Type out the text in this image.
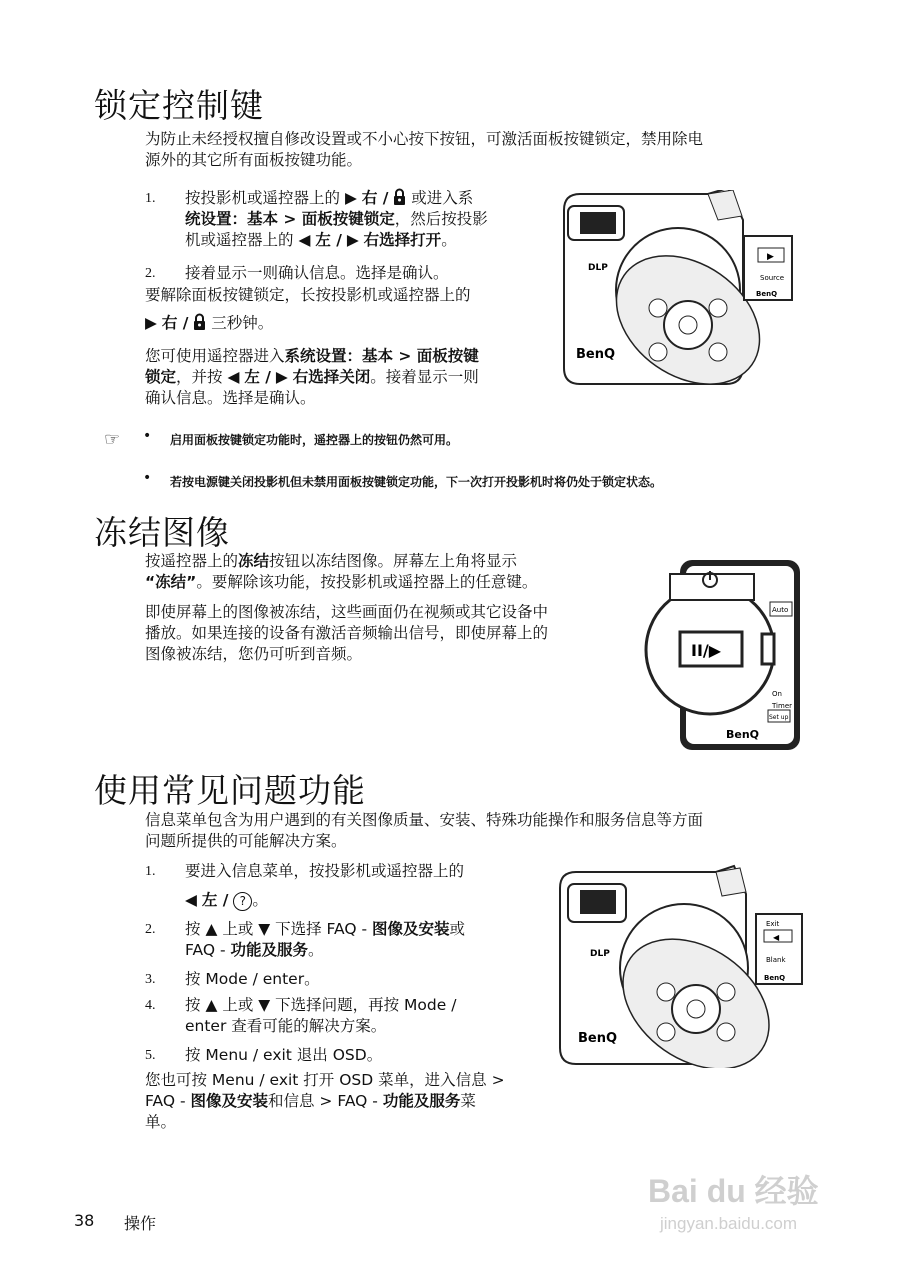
锁定控制键
为防止未经授权擅自修改设置或不小心按下按钮，可激活面板按键锁定，禁用除电
源外的其它所有面板按键功能。
1. 按投影机或遥控器上的 ▶ 右 / 或进入系
统设置：基本 > 面板按键锁定，然后按投影
机或遥控器上的 ◀ 左 / ▶ 右选择打开。
2. 接着显示一则确认信息。选择是确认。
要解除面板按键锁定，长按投影机或遥控器上的
▶ 右 / 三秒钟。
您可使用遥控器进入系统设置：基本 > 面板按键
锁定，并按 ◀ 左 / ▶ 右选择关闭。接着显示一则
确认信息。选择是确认。
DLP
BenQ
▶
Source
BenQ
☞ • 启用面板按键锁定功能时，遥控器上的按钮仍然可用。
• 若按电源键关闭投影机但未禁用面板按键锁定功能，下一次打开投影机时将仍处于锁定状态。
冻结图像
按遥控器上的冻结按钮以冻结图像。屏幕左上角将显示
“冻结”。要解除该功能，按投影机或遥控器上的任意键。
即使屏幕上的图像被冻结，这些画面仍在视频或其它设备中
播放。如果连接的设备有激活音频输出信号，即使屏幕上的
图像被冻结，您仍可听到音频。
Auto
On
Timer
Set up
II/▶
BenQ
使用常见问题功能
信息菜单包含为用户遇到的有关图像质量、安装、特殊功能操作和服务信息等方面
问题所提供的可能解决方案。
1. 要进入信息菜单，按投影机或遥控器上的
◀ 左 / ? 。
2. 按 ▲ 上或 ▼ 下选择 FAQ - 图像及安装或
FAQ - 功能及服务。
3. 按 Mode / enter。
4. 按 ▲ 上或 ▼ 下选择问题，再按 Mode /
enter 查看可能的解决方案。
5. 按 Menu / exit 退出 OSD。
您也可按 Menu / exit 打开 OSD 菜单，进入信息 >
FAQ - 图像及安装和信息 > FAQ - 功能及服务菜
单。
DLP
BenQ
Exit
◀
Blank
BenQ
38 操作
Bai du 经验
jingyan.baidu.com
